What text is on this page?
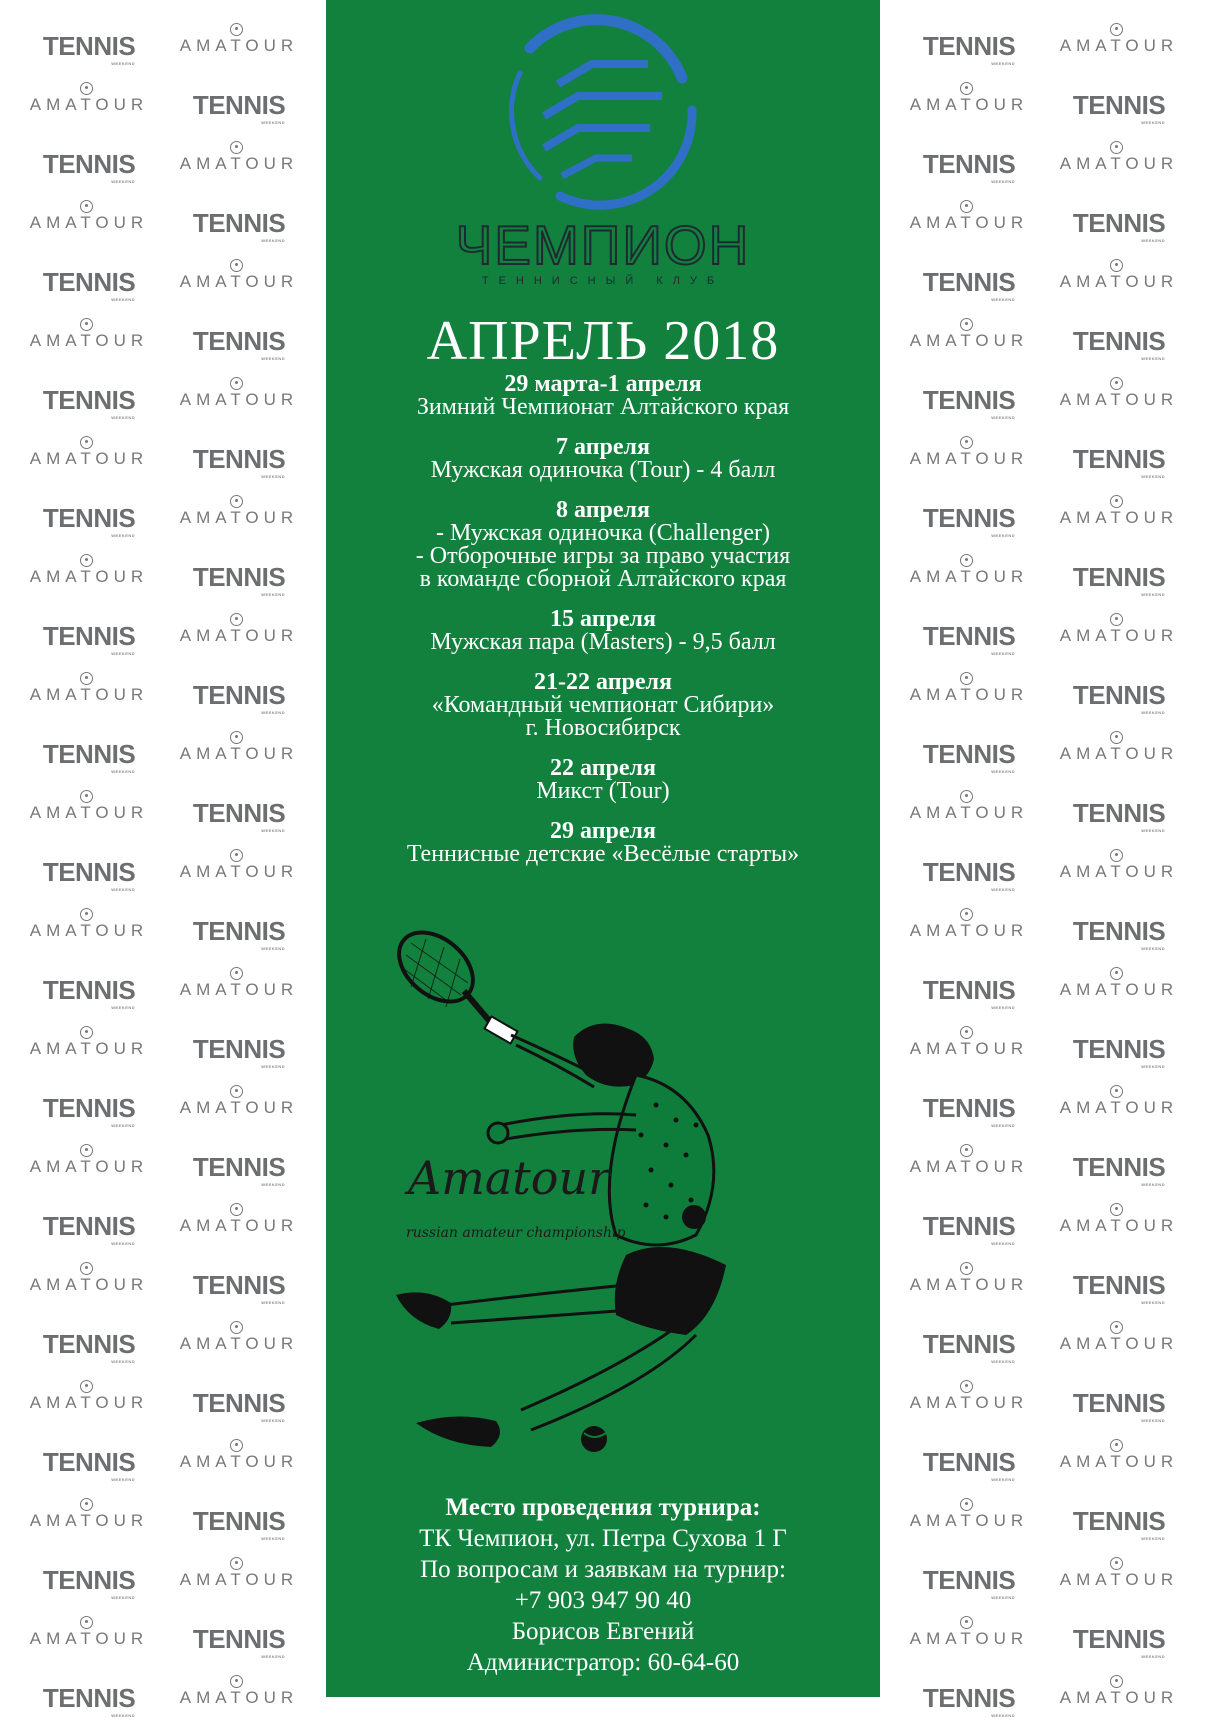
TENNIS WEEKEND	AMATOUR
AMATOUR TENNIS WEEKEND
TENNIS WEEKEND	AMATOUR
AMATOUR TENNIS WEEKEND
TENNIS WEEKEND	AMATOUR
AMATOUR TENNIS WEEKEND
TENNIS WEEKEND	AMATOUR
AMATOUR TENNIS WEEKEND
TENNIS WEEKEND	AMATOUR
AMATOUR TENNIS WEEKEND
TENNIS WEEKEND	AMATOUR
AMATOUR TENNIS WEEKEND
TENNIS WEEKEND	AMATOUR
AMATOUR TENNIS WEEKEND
TENNIS WEEKEND	AMATOUR
AMATOUR TENNIS WEEKEND
TENNIS WEEKEND	AMATOUR
AMATOUR TENNIS WEEKEND
TENNIS WEEKEND	AMATOUR
AMATOUR TENNIS WEEKEND
TENNIS WEEKEND	AMATOUR
AMATOUR TENNIS WEEKEND
TENNIS WEEKEND	AMATOUR
AMATOUR TENNIS WEEKEND
TENNIS WEEKEND	AMATOUR
AMATOUR TENNIS WEEKEND
TENNIS WEEKEND	AMATOUR
AMATOUR TENNIS WEEKEND
TENNIS WEEKEND	AMATOUR
TENNIS WEEKEND	AMATOUR
AMATOUR TENNIS WEEKEND
TENNIS WEEKEND	AMATOUR
AMATOUR TENNIS WEEKEND
TENNIS WEEKEND	AMATOUR
AMATOUR TENNIS WEEKEND
TENNIS WEEKEND	AMATOUR
AMATOUR TENNIS WEEKEND
TENNIS WEEKEND	AMATOUR
AMATOUR TENNIS WEEKEND
TENNIS WEEKEND	AMATOUR
AMATOUR TENNIS WEEKEND
TENNIS WEEKEND	AMATOUR
AMATOUR TENNIS WEEKEND
TENNIS WEEKEND	AMATOUR
AMATOUR TENNIS WEEKEND
TENNIS WEEKEND	AMATOUR
AMATOUR TENNIS WEEKEND
TENNIS WEEKEND	AMATOUR
AMATOUR TENNIS WEEKEND
TENNIS WEEKEND	AMATOUR
AMATOUR TENNIS WEEKEND
TENNIS WEEKEND	AMATOUR
AMATOUR TENNIS WEEKEND
TENNIS WEEKEND	AMATOUR
AMATOUR TENNIS WEEKEND
TENNIS WEEKEND	AMATOUR
AMATOUR TENNIS WEEKEND
TENNIS WEEKEND	AMATOUR
ЧЕМПИОН
ТЕННИСНЫЙ КЛУБ
АПРЕЛЬ 2018
29 марта-1 апреля
Зимний Чемпионат Алтайского края
7 апреля
Мужская одиночка (Tour) - 4 балл
8 апреля
- Мужская одиночка (Challenger)
- Отборочные игры за право участия
в команде сборной Алтайского края
15 апреля
Мужская пара (Masters) - 9,5 балл
21-22 апреля
«Командный чемпионат Сибири»
г. Новосибирск
22 апреля
Микст (Tour)
29 апреля
Теннисные детские «Весёлые старты»
Amatour
russian amateur championship
Место проведения турнира:
ТК Чемпион, ул. Петра Сухова 1 Г
По вопросам и заявкам на турнир:
+7 903 947 90 40
Борисов Евгений
Администратор: 60-64-60
